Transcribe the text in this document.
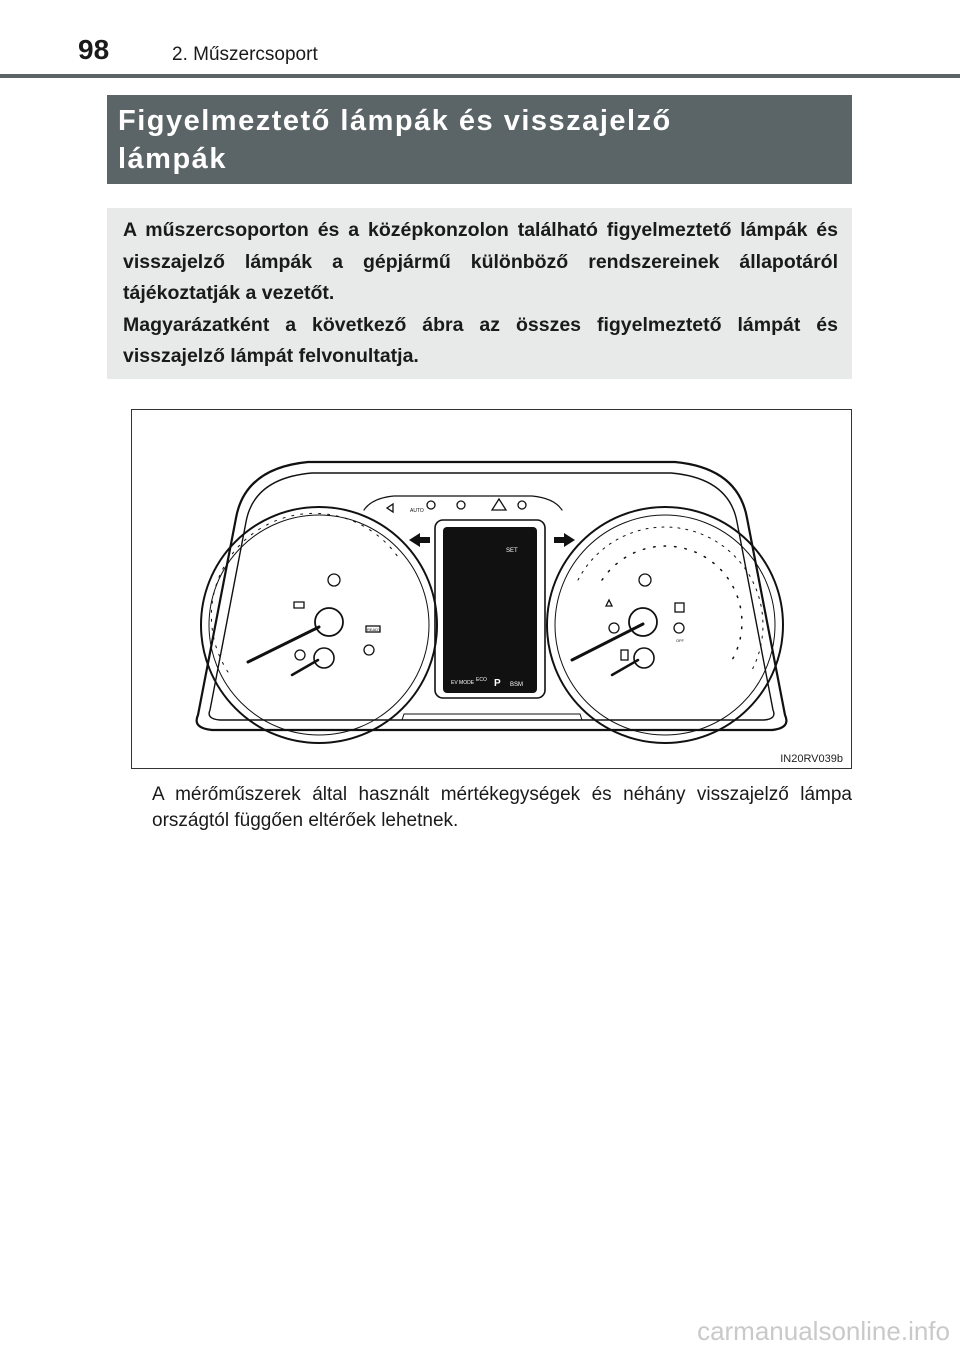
98	2. Műszercsoport
Figyelmeztető lámpák és visszajelző
lámpák

A műszercsoporton és a középkonzolon található figyelmeztető lámpák és visszajelző lámpák a gépjármű különböző rendszereinek állapotáról tájékoztatják a vezetőt.

Magyarázatként a következő ábra az összes figyelmeztető lámpát és visszajelző lámpát felvonultatja.

SET
EV MODE ECO P BSM
AUTO
READY
OFF
IN20RV039b
A mérőműszerek által használt mértékegységek és néhány visszajelző lámpa országtól függően eltérőek lehetnek.
carmanualsonline.info
